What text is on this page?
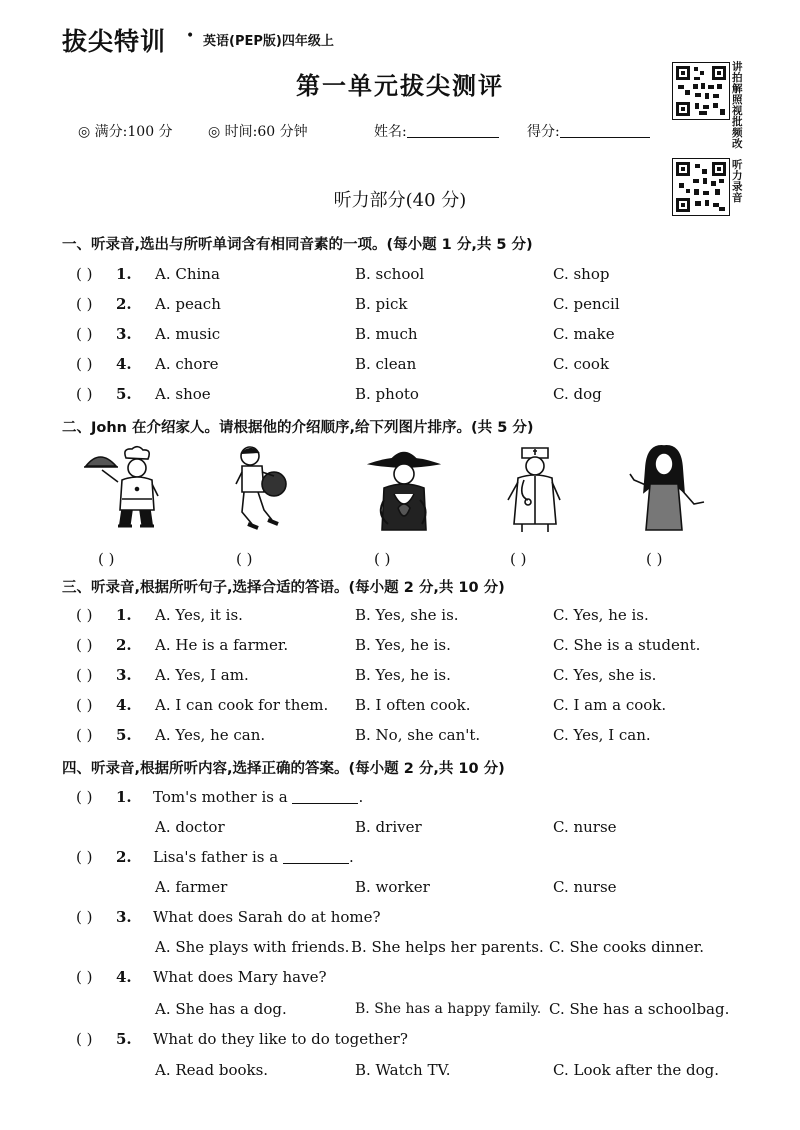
拔尖特训 • 英语(PEP版)四年级上
第一单元拔尖测评
讲拍解照视批频改
◎ 满分:100 分	◎ 时间:60 分钟	姓名:	得分:
听力录音
听力部分(40 分)
一、听录音,选出与所听单词含有相同音素的一项。(每小题 1 分,共 5 分)
( ) 1. A. China	B. school	C. shop
( ) 2. A. peach	B. pick	C. pencil
( ) 3. A. music	B. much	C. make
( ) 4. A. chore	B. clean	C. cook
( ) 5. A. shoe	B. photo	C. dog
二、John 在介绍家人。请根据他的介绍顺序,给下列图片排序。(共 5 分)
( )	( )	( )	( )	( )
三、听录音,根据所听句子,选择合适的答语。(每小题 2 分,共 10 分)
( ) 1. A. Yes, it is.	B. Yes, she is.	C. Yes, he is.
( ) 2. A. He is a farmer.	B. Yes, he is.	C. She is a student.
( ) 3. A. Yes, I am.	B. Yes, he is.	C. Yes, she is.
( ) 4. A. I can cook for them. B. I often cook.	C. I am a cook.
( ) 5. A. Yes, he can.	B. No, she can't.	C. Yes, I can.
四、听录音,根据所听内容,选择正确的答案。(每小题 2 分,共 10 分)
( ) 1. Tom's mother is a	.
A. doctor	B. driver	C. nurse
( ) 2. Lisa's father is a	.
A. farmer	B. worker	C. nurse
( ) 3. What does Sarah do at home?
A. She plays with friends. B. She helps her parents. C. She cooks dinner.
( ) 4. What does Mary have?
A. She has a dog.	B. She has a happy family. C. She has a schoolbag.
( ) 5. What do they like to do together?
A. Read books.	B. Watch TV.	C. Look after the dog.
